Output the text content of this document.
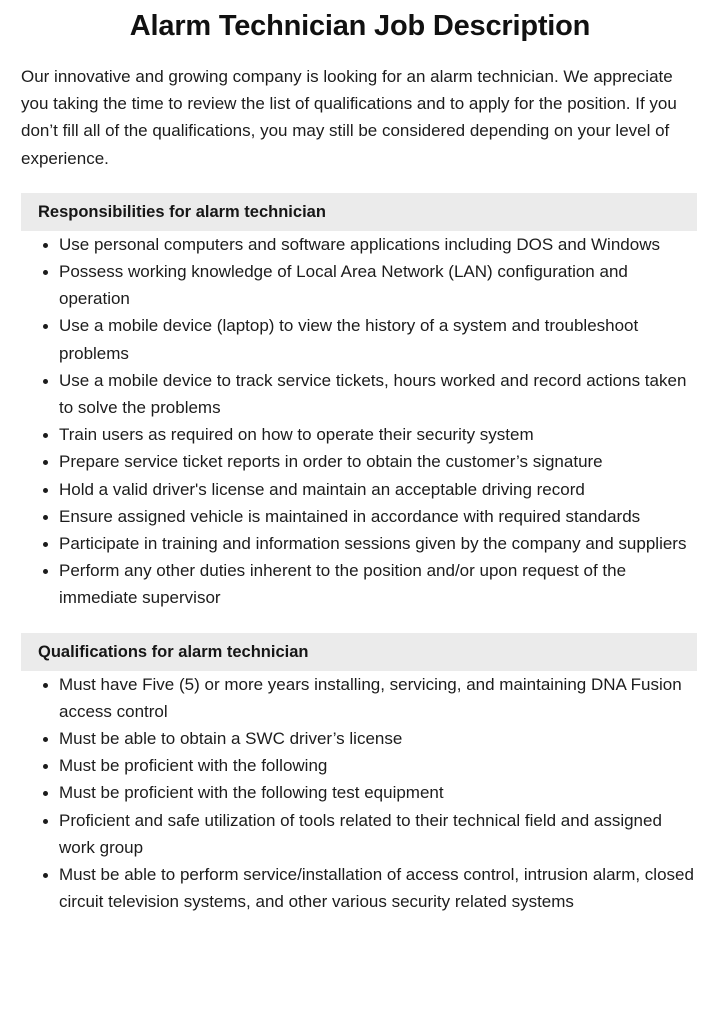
Alarm Technician Job Description

Our innovative and growing company is looking for an alarm technician. We appreciate you taking the time to review the list of qualifications and to apply for the position. If you don’t fill all of the qualifications, you may still be considered depending on your level of experience.

Responsibilities for alarm technician
Use personal computers and software applications including DOS and Windows
Possess working knowledge of Local Area Network (LAN) configuration and operation
Use a mobile device (laptop) to view the history of a system and troubleshoot problems
Use a mobile device to track service tickets, hours worked and record actions taken to solve the problems
Train users as required on how to operate their security system
Prepare service ticket reports in order to obtain the customer’s signature
Hold a valid driver's license and maintain an acceptable driving record
Ensure assigned vehicle is maintained in accordance with required standards
Participate in training and information sessions given by the company and suppliers
Perform any other duties inherent to the position and/or upon request of the immediate supervisor
Qualifications for alarm technician
Must have Five (5) or more years installing, servicing, and maintaining DNA Fusion access control
Must be able to obtain a SWC driver’s license
Must be proficient with the following
Must be proficient with the following test equipment
Proficient and safe utilization of tools related to their technical field and assigned work group
Must be able to perform service/installation of access control, intrusion alarm, closed circuit television systems, and other various security related systems
